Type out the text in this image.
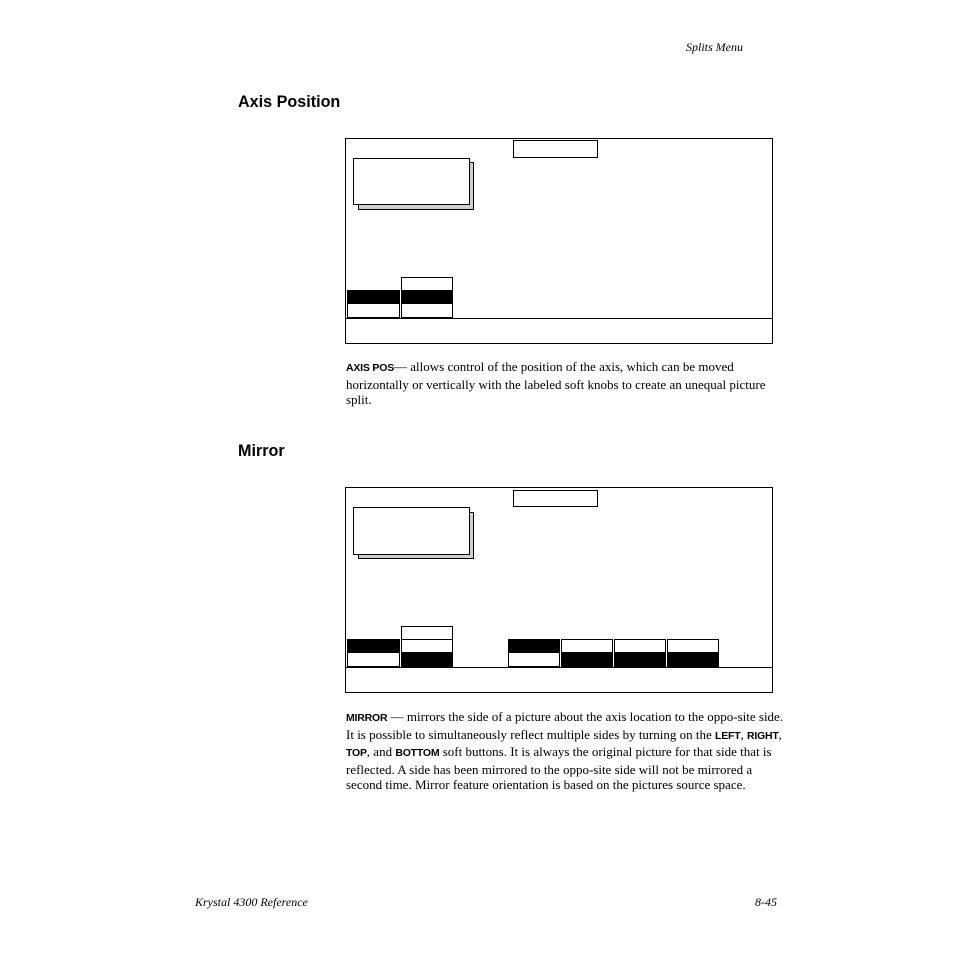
Splits Menu
Axis Position
AXIS POS— allows control of the position of the axis, which can be moved horizontally or vertically with the labeled soft knobs to create an unequal picture split.
Mirror
MIRROR — mirrors the side of a picture about the axis location to the oppo-site side. It is possible to simultaneously reflect multiple sides by turning on the LEFT, RIGHT, TOP, and BOTTOM soft buttons. It is always the original picture for that side that is reflected. A side has been mirrored to the oppo-site side will not be mirrored a second time. Mirror feature orientation is based on the pictures source space.
Krystal 4300 Reference	8-45
